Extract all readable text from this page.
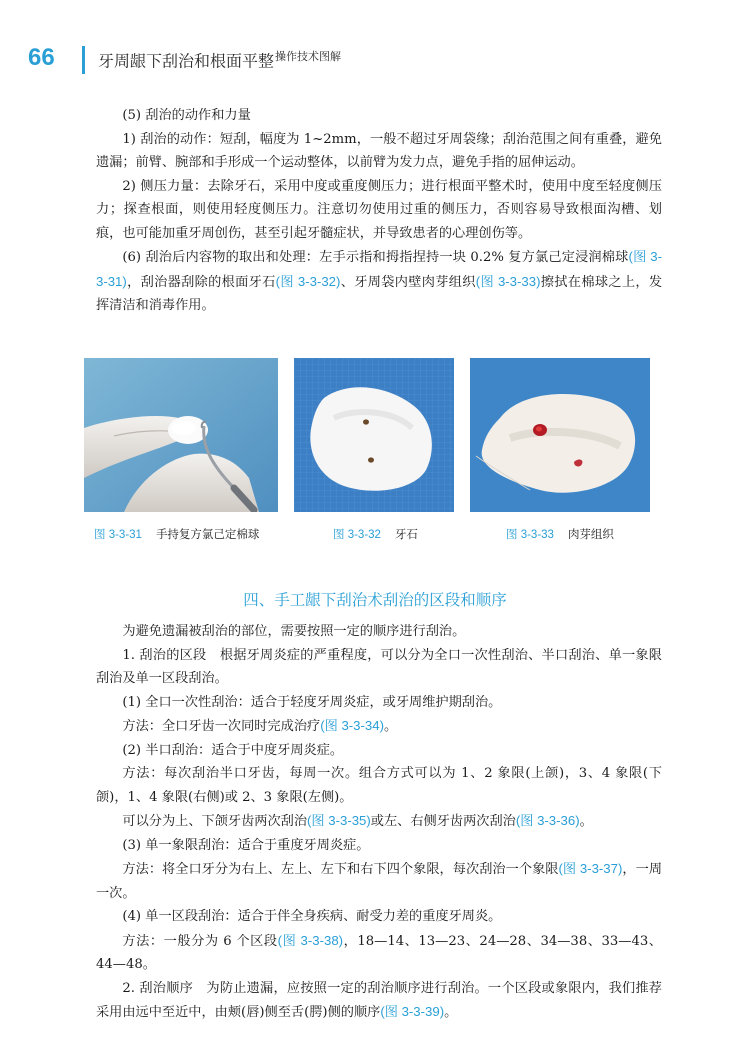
66	牙周龈下刮治和根面平整$^{操作技术图解}$

(5) 刮治的动作和力量

1) 刮治的动作：短刮，幅度为 1~2mm，一般不超过牙周袋缘；刮治范围之间有重叠，避免遗漏；前臂、腕部和手形成一个运动整体，以前臂为发力点，避免手指的屈伸运动。

2) 侧压力量：去除牙石，采用中度或重度侧压力；进行根面平整术时，使用中度至轻度侧压力；探查根面，则使用轻度侧压力。注意切勿使用过重的侧压力，否则容易导致根面沟槽、划痕，也可能加重牙周创伤，甚至引起牙髓症状，并导致患者的心理创伤等。

(6) 刮治后内容物的取出和处理：左手示指和拇指捏持一块 0.2% 复方氯己定浸润棉球(图 3-3-31)，刮治器刮除的根面牙石(图 3-3-32)、牙周袋内壁肉芽组织(图 3-3-33)擦拭在棉球之上，发挥清洁和消毒作用。

图 3-3-31 手持复方氯己定棉球	图 3-3-32 牙石	图 3-3-33 肉芽组织
四、手工龈下刮治术刮治的区段和顺序

为避免遗漏被刮治的部位，需要按照一定的顺序进行刮治。

1. 刮治的区段　根据牙周炎症的严重程度，可以分为全口一次性刮治、半口刮治、单一象限刮治及单一区段刮治。

(1) 全口一次性刮治：适合于轻度牙周炎症，或牙周维护期刮治。

方法：全口牙齿一次同时完成治疗(图 3-3-34)。

(2) 半口刮治：适合于中度牙周炎症。

方法：每次刮治半口牙齿，每周一次。组合方式可以为 1、2 象限(上颌)，3、4 象限(下颌)，1、4 象限(右侧)或 2、3 象限(左侧)。

可以分为上、下颌牙齿两次刮治(图 3-3-35)或左、右侧牙齿两次刮治(图 3-3-36)。

(3) 单一象限刮治：适合于重度牙周炎症。

方法：将全口牙分为右上、左上、左下和右下四个象限，每次刮治一个象限(图 3-3-37)，一周一次。

(4) 单一区段刮治：适合于伴全身疾病、耐受力差的重度牙周炎。

方法：一般分为 6 个区段(图 3-3-38)，18—14、13—23、24—28、34—38、33—43、44—48。

2. 刮治顺序　为防止遗漏，应按照一定的刮治顺序进行刮治。一个区段或象限内，我们推荐采用由远中至近中，由颊(唇)侧至舌(腭)侧的顺序(图 3-3-39)。
